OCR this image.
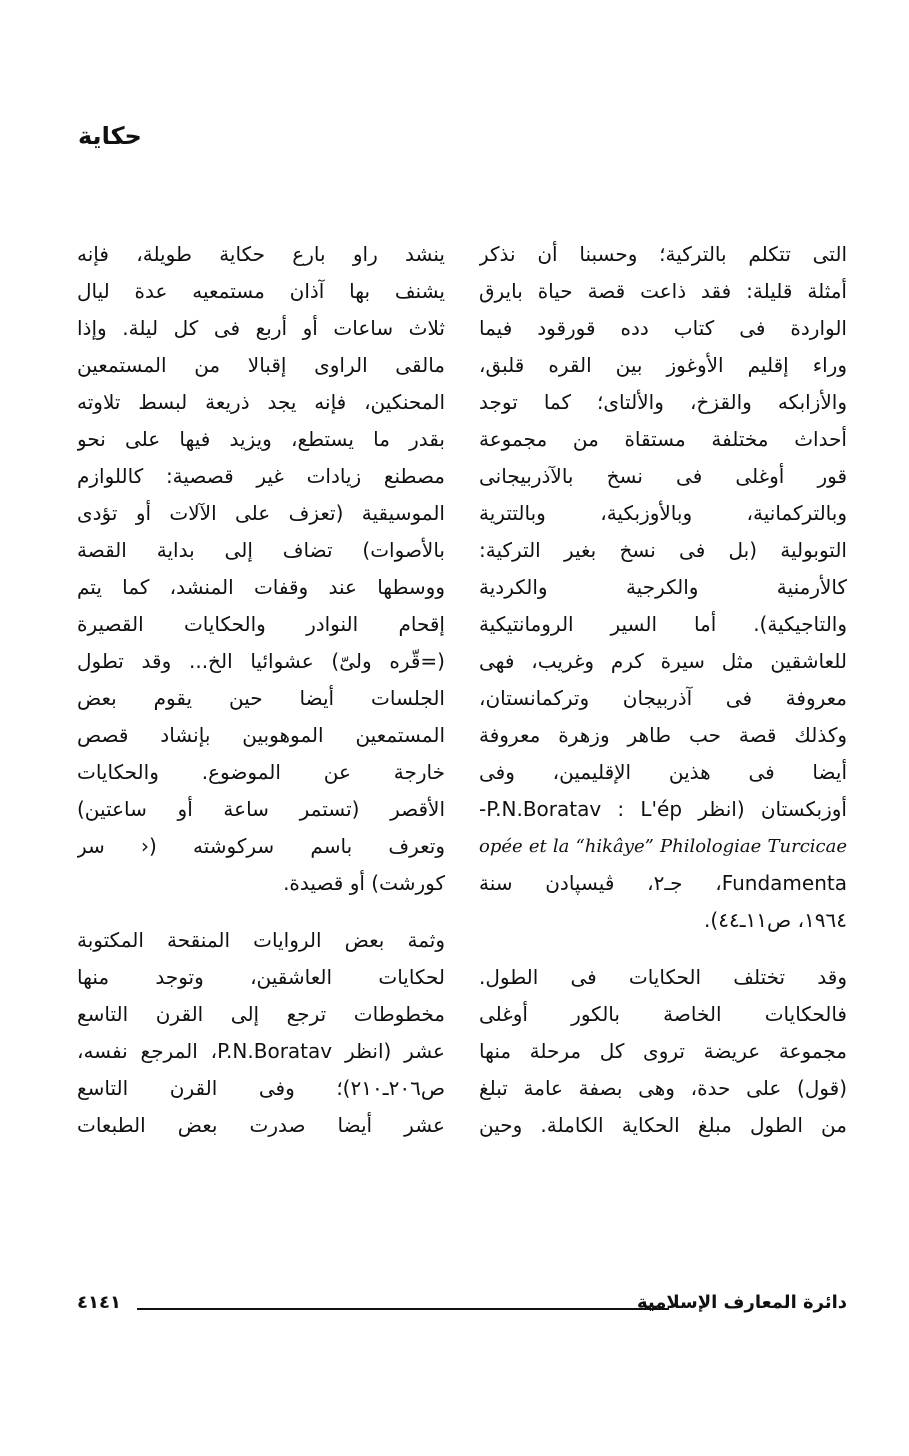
حكاية
التى تتكلم بالتركية؛ وحسبنا أن نذكر
أمثلة قليلة: فقد ذاعت قصة حياة بايرق
الواردة فى كتاب دده قورقود فيما
وراء إقليم الأوغوز بين القره قلبق،
والأزابكه والقزخ، والألتاى؛ كما توجد
أحداث مختلفة مستقاة من مجموعة
قور أوغلى فى نسخ بالآذربيجانى
وبالتركمانية، وبالأوزبكية، وبالتترية
التوبولية (بل فى نسخ بغير التركية:
كالأرمنية والكرجية والكردية
والتاجيكية). أما السير الرومانتيكية
للعاشقين مثل سيرة كرم وغريب، فهى
معروفة فى آذربيجان وتركمانستان،
وكذلك قصة حب طاهر وزهرة معروفة
أيضا فى هذين الإقليمين، وفى
أوزبكستان (انظر P.N.Boratav : L'ép-
opée et la “hikâye” Philologiae Turcicae
Fundamenta، جـ٢، ڤيسپادن سنة
١٩٦٤، ص١١ـ٤٤).
وقد تختلف الحكايات فى الطول.
فالحكايات الخاصة بالكور أوغلى
مجموعة عريضة تروى كل مرحلة منها
(قول) على حدة، وهى بصفة عامة تبلغ
من الطول مبلغ الحكاية الكاملة. وحين
ينشد راو بارع حكاية طويلة، فإنه
يشنف بها آذان مستمعيه عدة ليال
ثلاث ساعات أو أربع فى كل ليلة. وإذا
مالقى الراوى إقبالا من المستمعين
المحنكين، فإنه يجد ذريعة لبسط تلاوته
بقدر ما يستطع، ويزيد فيها على نحو
مصطنع زيادات غير قصصية: كاللوازم
الموسيقية (تعزف على الآلات أو تؤدى
بالأصوات) تضاف إلى بداية القصة
ووسطها عند وقفات المنشد، كما يتم
إقحام النوادر والحكايات القصيرة
(=قّره ولىّ) عشوائيا الخ... وقد تطول
الجلسات أيضا حين يقوم بعض
المستمعين الموهوبين بإنشاد قصص
خارجة عن الموضوع. والحكايات
الأقصر (تستمر ساعة أو ساعتين)
وتعرف باسم سركوشته (‹ سر
كورشت) أو قصيدة.
وثمة بعض الروايات المنقحة المكتوبة
لحكايات العاشقين، وتوجد منها
مخطوطات ترجع إلى القرن التاسع
عشر (انظر P.N.Boratav، المرجع نفسه،
ص٢٠٦ـ٢١٠)؛ وفى القرن التاسع
عشر أيضا صدرت بعض الطبعات
دائرة المعارف الإسلامية
٤١٤١
